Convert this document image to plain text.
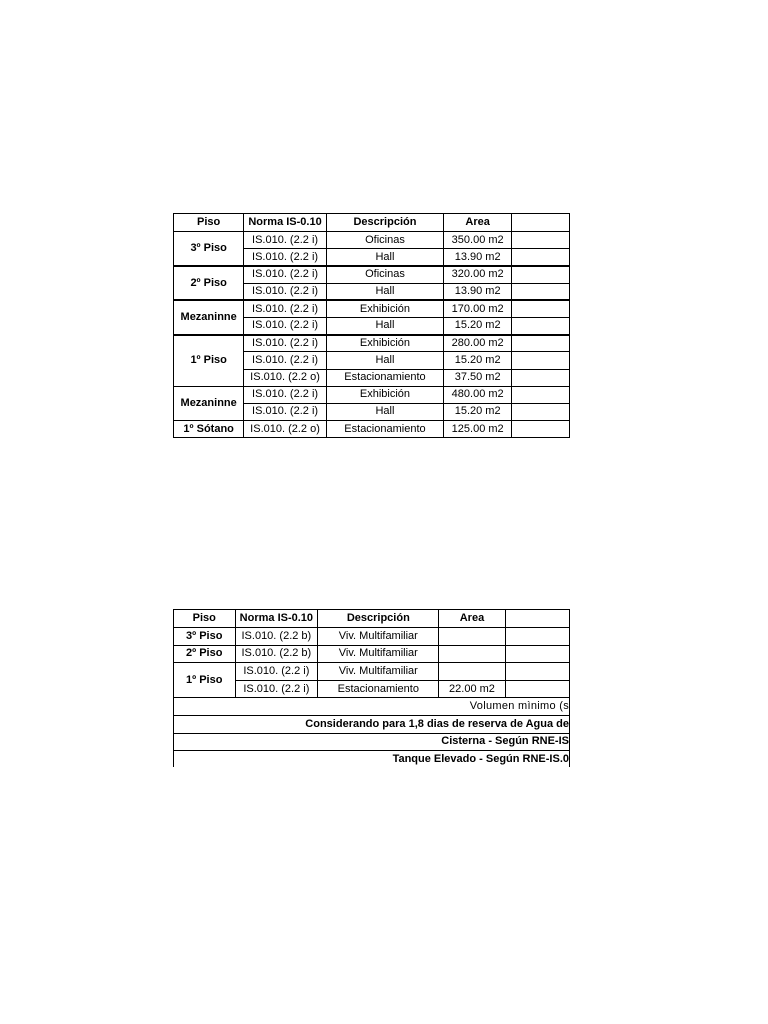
Piso	Norma IS-0.10	Descripción	Area	
3º Piso	IS.010. (2.2 i)	Oficinas	350.00 m2	
	IS.010. (2.2 i)	Hall	13.90 m2	
2º Piso	IS.010. (2.2 i)	Oficinas	320.00 m2	
	IS.010. (2.2 i)	Hall	13.90 m2	
Mezaninne	IS.010. (2.2 i)	Exhibición	170.00 m2	
	IS.010. (2.2 i)	Hall	15.20 m2	
1º Piso	IS.010. (2.2 i)	Exhibición	280.00 m2	
	IS.010. (2.2 i)	Hall	15.20 m2	
	IS.010. (2.2 o)	Estacionamiento	37.50 m2	
Mezaninne	IS.010. (2.2 i)	Exhibición	480.00 m2	
	IS.010. (2.2 i)	Hall	15.20 m2	
1º Sótano	IS.010. (2.2 o)	Estacionamiento	125.00 m2	
Piso	Norma IS-0.10	Descripción	Area	
3º Piso	IS.010. (2.2 b)	Viv. Multifamiliar		
2º Piso	IS.010. (2.2 b)	Viv. Multifamiliar		
1º Piso	IS.010. (2.2 i)	Viv. Multifamiliar		
	IS.010. (2.2 i)	Estacionamiento	22.00 m2	
Volumen mìnimo (s				
Considerando para 1,8 dias de reserva de Agua de				
Cisterna - Según RNE-IS				
Tanque Elevado - Según RNE-IS.0				
